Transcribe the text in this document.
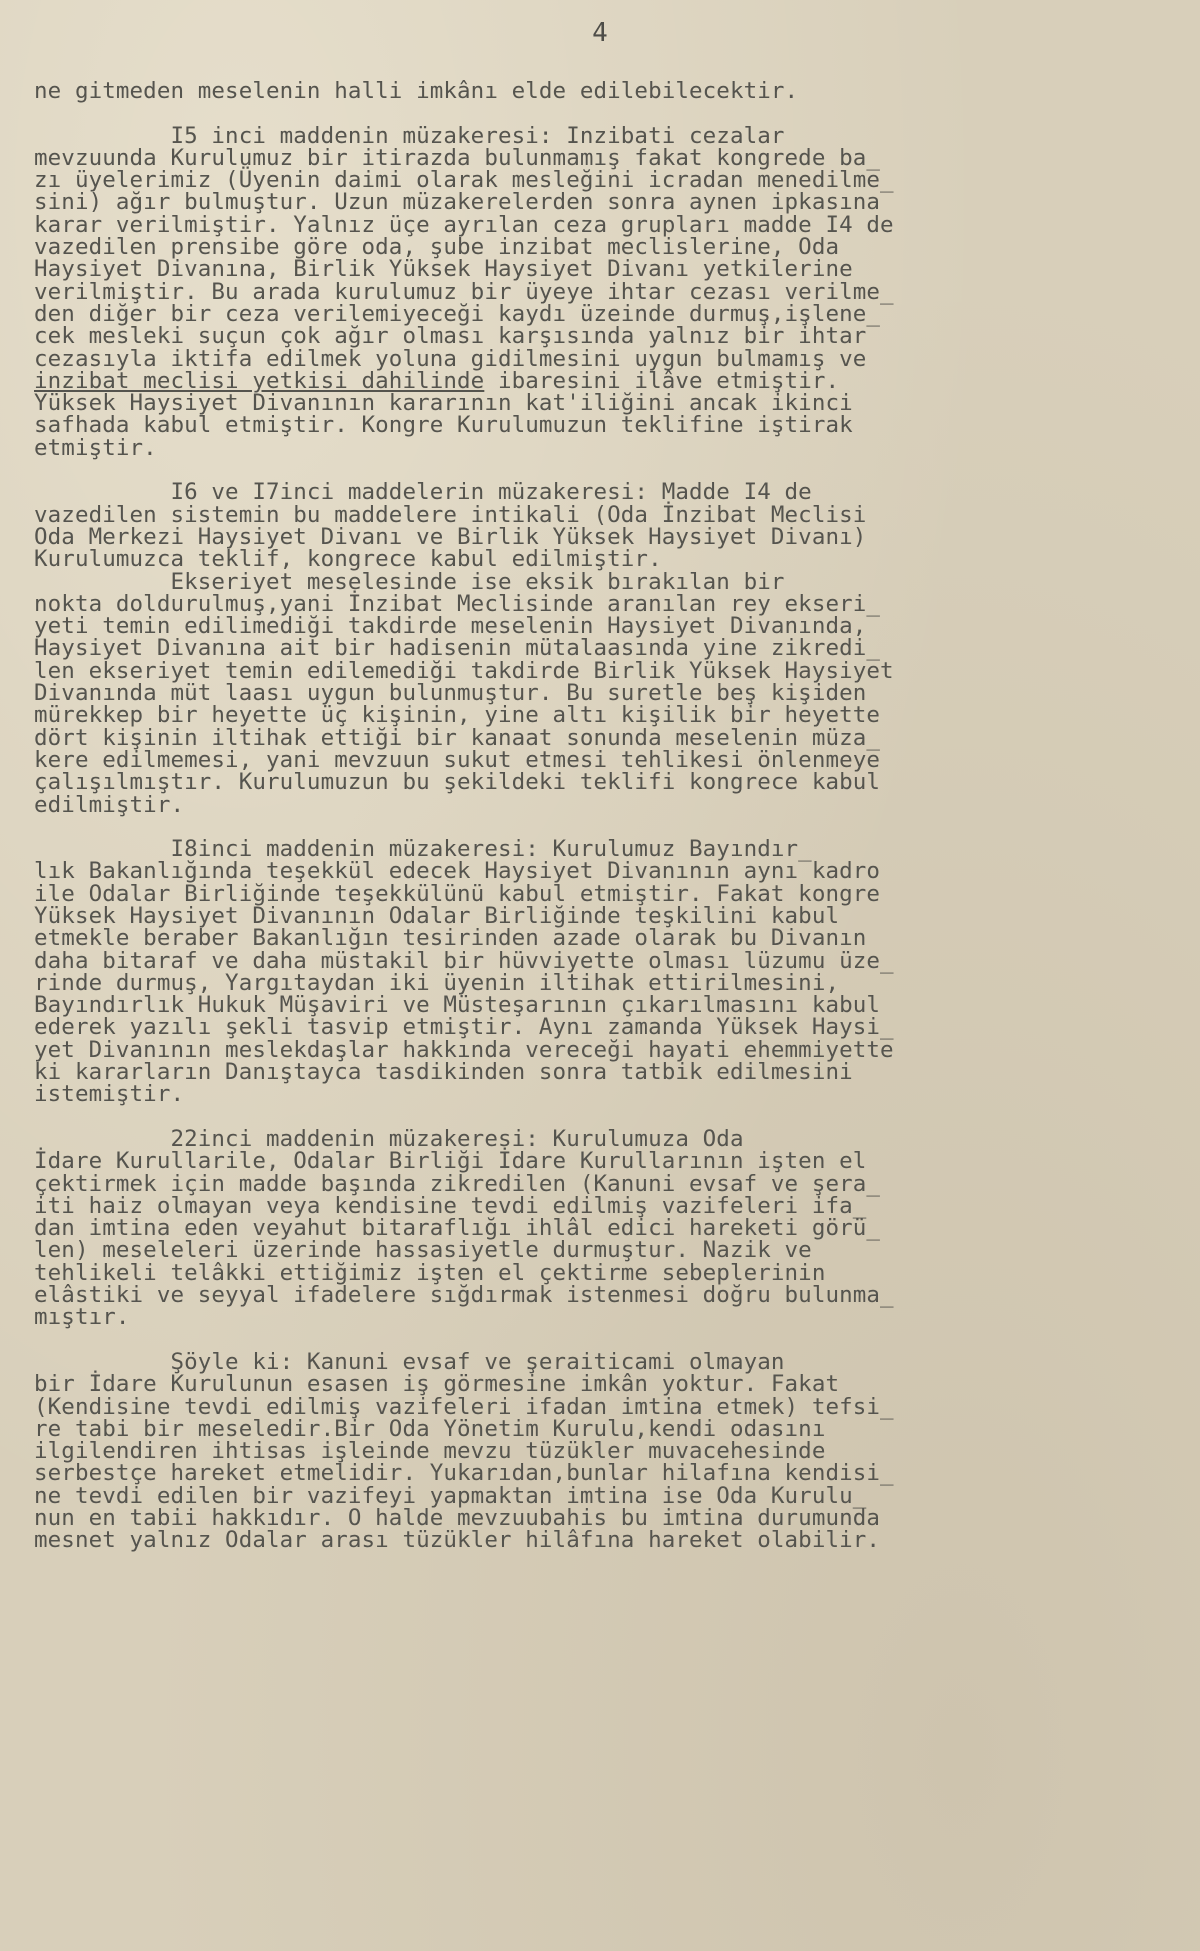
4
ne gitmeden meselenin halli imkânı elde edilebilecektir.
I5 inci maddenin müzakeresi: Inzibati cezalar
mevzuunda Kurulumuz bir itirazda bulunmamış fakat kongrede ba_
zı üyelerimiz (Üyenin daimi olarak mesleğini icradan menedilme_
sini) ağır bulmuştur. Uzun müzakerelerden sonra aynen ipkasına
karar verilmiştir. Yalnız üçe ayrılan ceza grupları madde I4 de
vazedilen prensibe göre oda, şube inzibat meclislerine, Oda
Haysiyet Divanına, Birlik Yüksek Haysiyet Divanı yetkilerine
verilmiştir. Bu arada kurulumuz bir üyeye ihtar cezası verilme_
den diğer bir ceza verilemiyeceği kaydı üzeinde durmuş,işlene_
cek mesleki suçun çok ağır olması karşısında yalnız bir ihtar
cezasıyla iktifa edilmek yoluna gidilmesini uygun bulmamış ve
inzibat meclisi yetkisi dahilinde ibaresini ilâve etmiştir.
Yüksek Haysiyet Divanının kararının kat'iliğini ancak ikinci
safhada kabul etmiştir. Kongre Kurulumuzun teklifine iştirak
etmiştir.
I6 ve I7inci maddelerin müzakeresi: Madde I4 de
vazedilen sistemin bu maddelere intikali (Oda İnzibat Meclisi
Oda Merkezi Haysiyet Divanı ve Birlik Yüksek Haysiyet Divanı)
Kurulumuzca teklif, kongrece kabul edilmiştir.
Ekseriyet meselesinde ise eksik bırakılan bir
nokta doldurulmuş,yani İnzibat Meclisinde aranılan rey ekseri_
yeti temin edilimediği takdirde meselenin Haysiyet Divanında,
Haysiyet Divanına ait bir hadisenin mütalaasında yine zikredi_
len ekseriyet temin edilemediği takdirde Birlik Yüksek Haysiyet
Divanında müt laası uygun bulunmuştur. Bu suretle beş kişiden
mürekkep bir heyette üç kişinin, yine altı kişilik bir heyette
dört kişinin iltihak ettiği bir kanaat sonunda meselenin müza_
kere edilmemesi, yani mevzuun sukut etmesi tehlikesi önlenmeye
çalışılmıştır. Kurulumuzun bu şekildeki teklifi kongrece kabul
edilmiştir.
I8inci maddenin müzakeresi: Kurulumuz Bayındır_
lık Bakanlığında teşekkül edecek Haysiyet Divanının aynı kadro
ile Odalar Birliğinde teşekkülünü kabul etmiştir. Fakat kongre
Yüksek Haysiyet Divanının Odalar Birliğinde teşkilini kabul
etmekle beraber Bakanlığın tesirinden azade olarak bu Divanın
daha bitaraf ve daha müstakil bir hüvviyette olması lüzumu üze_
rinde durmuş, Yargıtaydan iki üyenin iltihak ettirilmesini,
Bayındırlık Hukuk Müşaviri ve Müsteşarının çıkarılmasını kabul
ederek yazılı şekli tasvip etmiştir. Aynı zamanda Yüksek Haysi_
yet Divanının meslekdaşlar hakkında vereceği hayati ehemmiyette
ki kararların Danıştayca tasdikinden sonra tatbik edilmesini
istemiştir.
22inci maddenin müzakeresi: Kurulumuza Oda
İdare Kurullarile, Odalar Birliği İdare Kurullarının işten el
çektirmek için madde başında zikredilen (Kanuni evsaf ve şera_
iti haiz olmayan veya kendisine tevdi edilmiş vazifeleri ifa_
dan imtina eden veyahut bitaraflığı ihlâl edici hareketi görü_
len) meseleleri üzerinde hassasiyetle durmuştur. Nazik ve
tehlikeli telâkki ettiğimiz işten el çektirme sebeplerinin
elâstiki ve seyyal ifadelere sığdırmak istenmesi doğru bulunma_
mıştır.
Şöyle ki: Kanuni evsaf ve şeraiticami olmayan
bir İdare Kurulunun esasen iş görmesine imkân yoktur. Fakat
(Kendisine tevdi edilmiş vazifeleri ifadan imtina etmek) tefsi_
re tabi bir meseledir.Bir Oda Yönetim Kurulu,kendi odasını
ilgilendiren ihtisas işleinde mevzu tüzükler muvacehesinde
serbestçe hareket etmelidir. Yukarıdan,bunlar hilafına kendisi_
ne tevdi edilen bir vazifeyi yapmaktan imtina ise Oda Kurulu_
nun en tabii hakkıdır. O halde mevzuubahis bu imtina durumunda
mesnet yalnız Odalar arası tüzükler hilâfına hareket olabilir.
